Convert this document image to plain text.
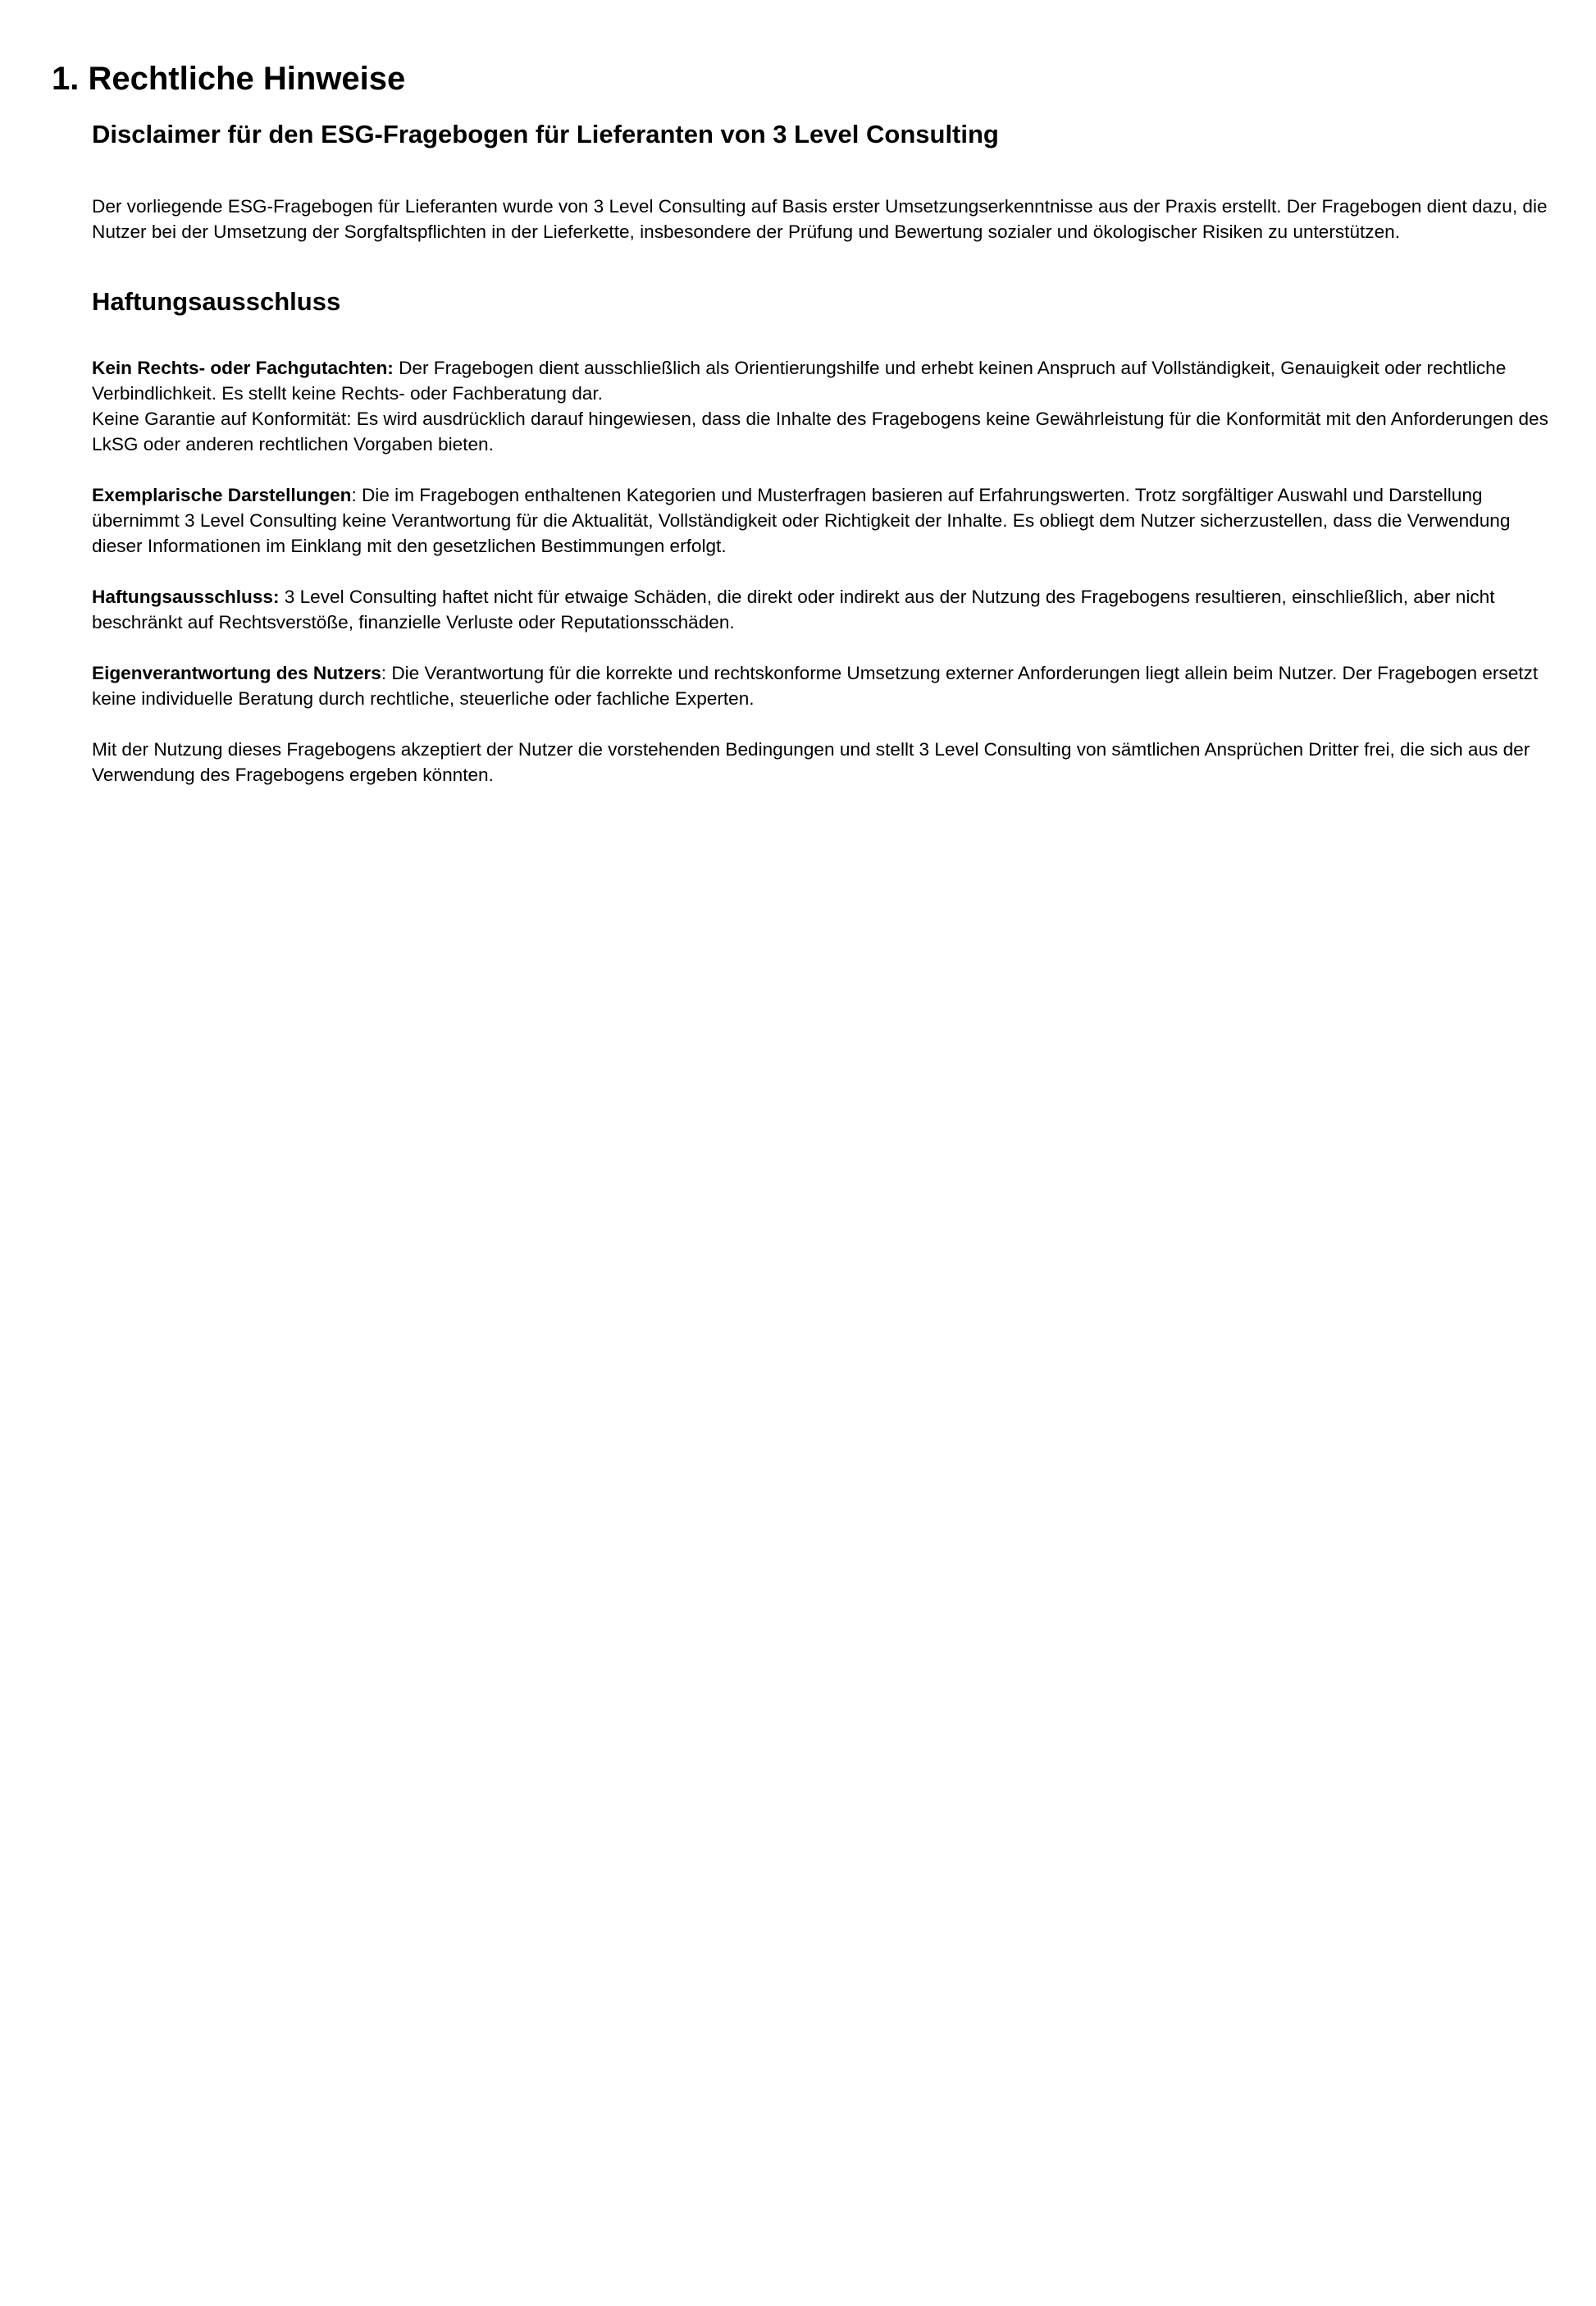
1. Rechtliche Hinweise
Disclaimer für den ESG-Fragebogen für Lieferanten von 3 Level Consulting

Der vorliegende ESG-Fragebogen für Lieferanten wurde von 3 Level Consulting auf Basis erster Umsetzungserkenntnisse aus der Praxis erstellt. Der Fragebogen dient dazu, die Nutzer bei der Umsetzung der Sorgfaltspflichten in der Lieferkette, insbesondere der Prüfung und Bewertung sozialer und ökologischer Risiken zu unterstützen.

Haftungsausschluss

Kein Rechts- oder Fachgutachten: Der Fragebogen dient ausschließlich als Orientierungshilfe und erhebt keinen Anspruch auf Vollständigkeit, Genauigkeit oder rechtliche Verbindlichkeit. Es stellt keine Rechts- oder Fachberatung dar.

Keine Garantie auf Konformität: Es wird ausdrücklich darauf hingewiesen, dass die Inhalte des Fragebogens keine Gewährleistung für die Konformität mit den Anforderungen des LkSG oder anderen rechtlichen Vorgaben bieten.

Exemplarische Darstellungen: Die im Fragebogen enthaltenen Kategorien und Musterfragen basieren auf Erfahrungswerten. Trotz sorgfältiger Auswahl und Darstellung übernimmt 3 Level Consulting keine Verantwortung für die Aktualität, Vollständigkeit oder Richtigkeit der Inhalte. Es obliegt dem Nutzer sicherzustellen, dass die Verwendung dieser Informationen im Einklang mit den gesetzlichen Bestimmungen erfolgt.

Haftungsausschluss: 3 Level Consulting haftet nicht für etwaige Schäden, die direkt oder indirekt aus der Nutzung des Fragebogens resultieren, einschließlich, aber nicht beschränkt auf Rechtsverstöße, finanzielle Verluste oder Reputationsschäden.

Eigenverantwortung des Nutzers: Die Verantwortung für die korrekte und rechtskonforme Umsetzung externer Anforderungen liegt allein beim Nutzer. Der Fragebogen ersetzt keine individuelle Beratung durch rechtliche, steuerliche oder fachliche Experten.

Mit der Nutzung dieses Fragebogens akzeptiert der Nutzer die vorstehenden Bedingungen und stellt 3 Level Consulting von sämtlichen Ansprüchen Dritter frei, die sich aus der Verwendung des Fragebogens ergeben könnten.
